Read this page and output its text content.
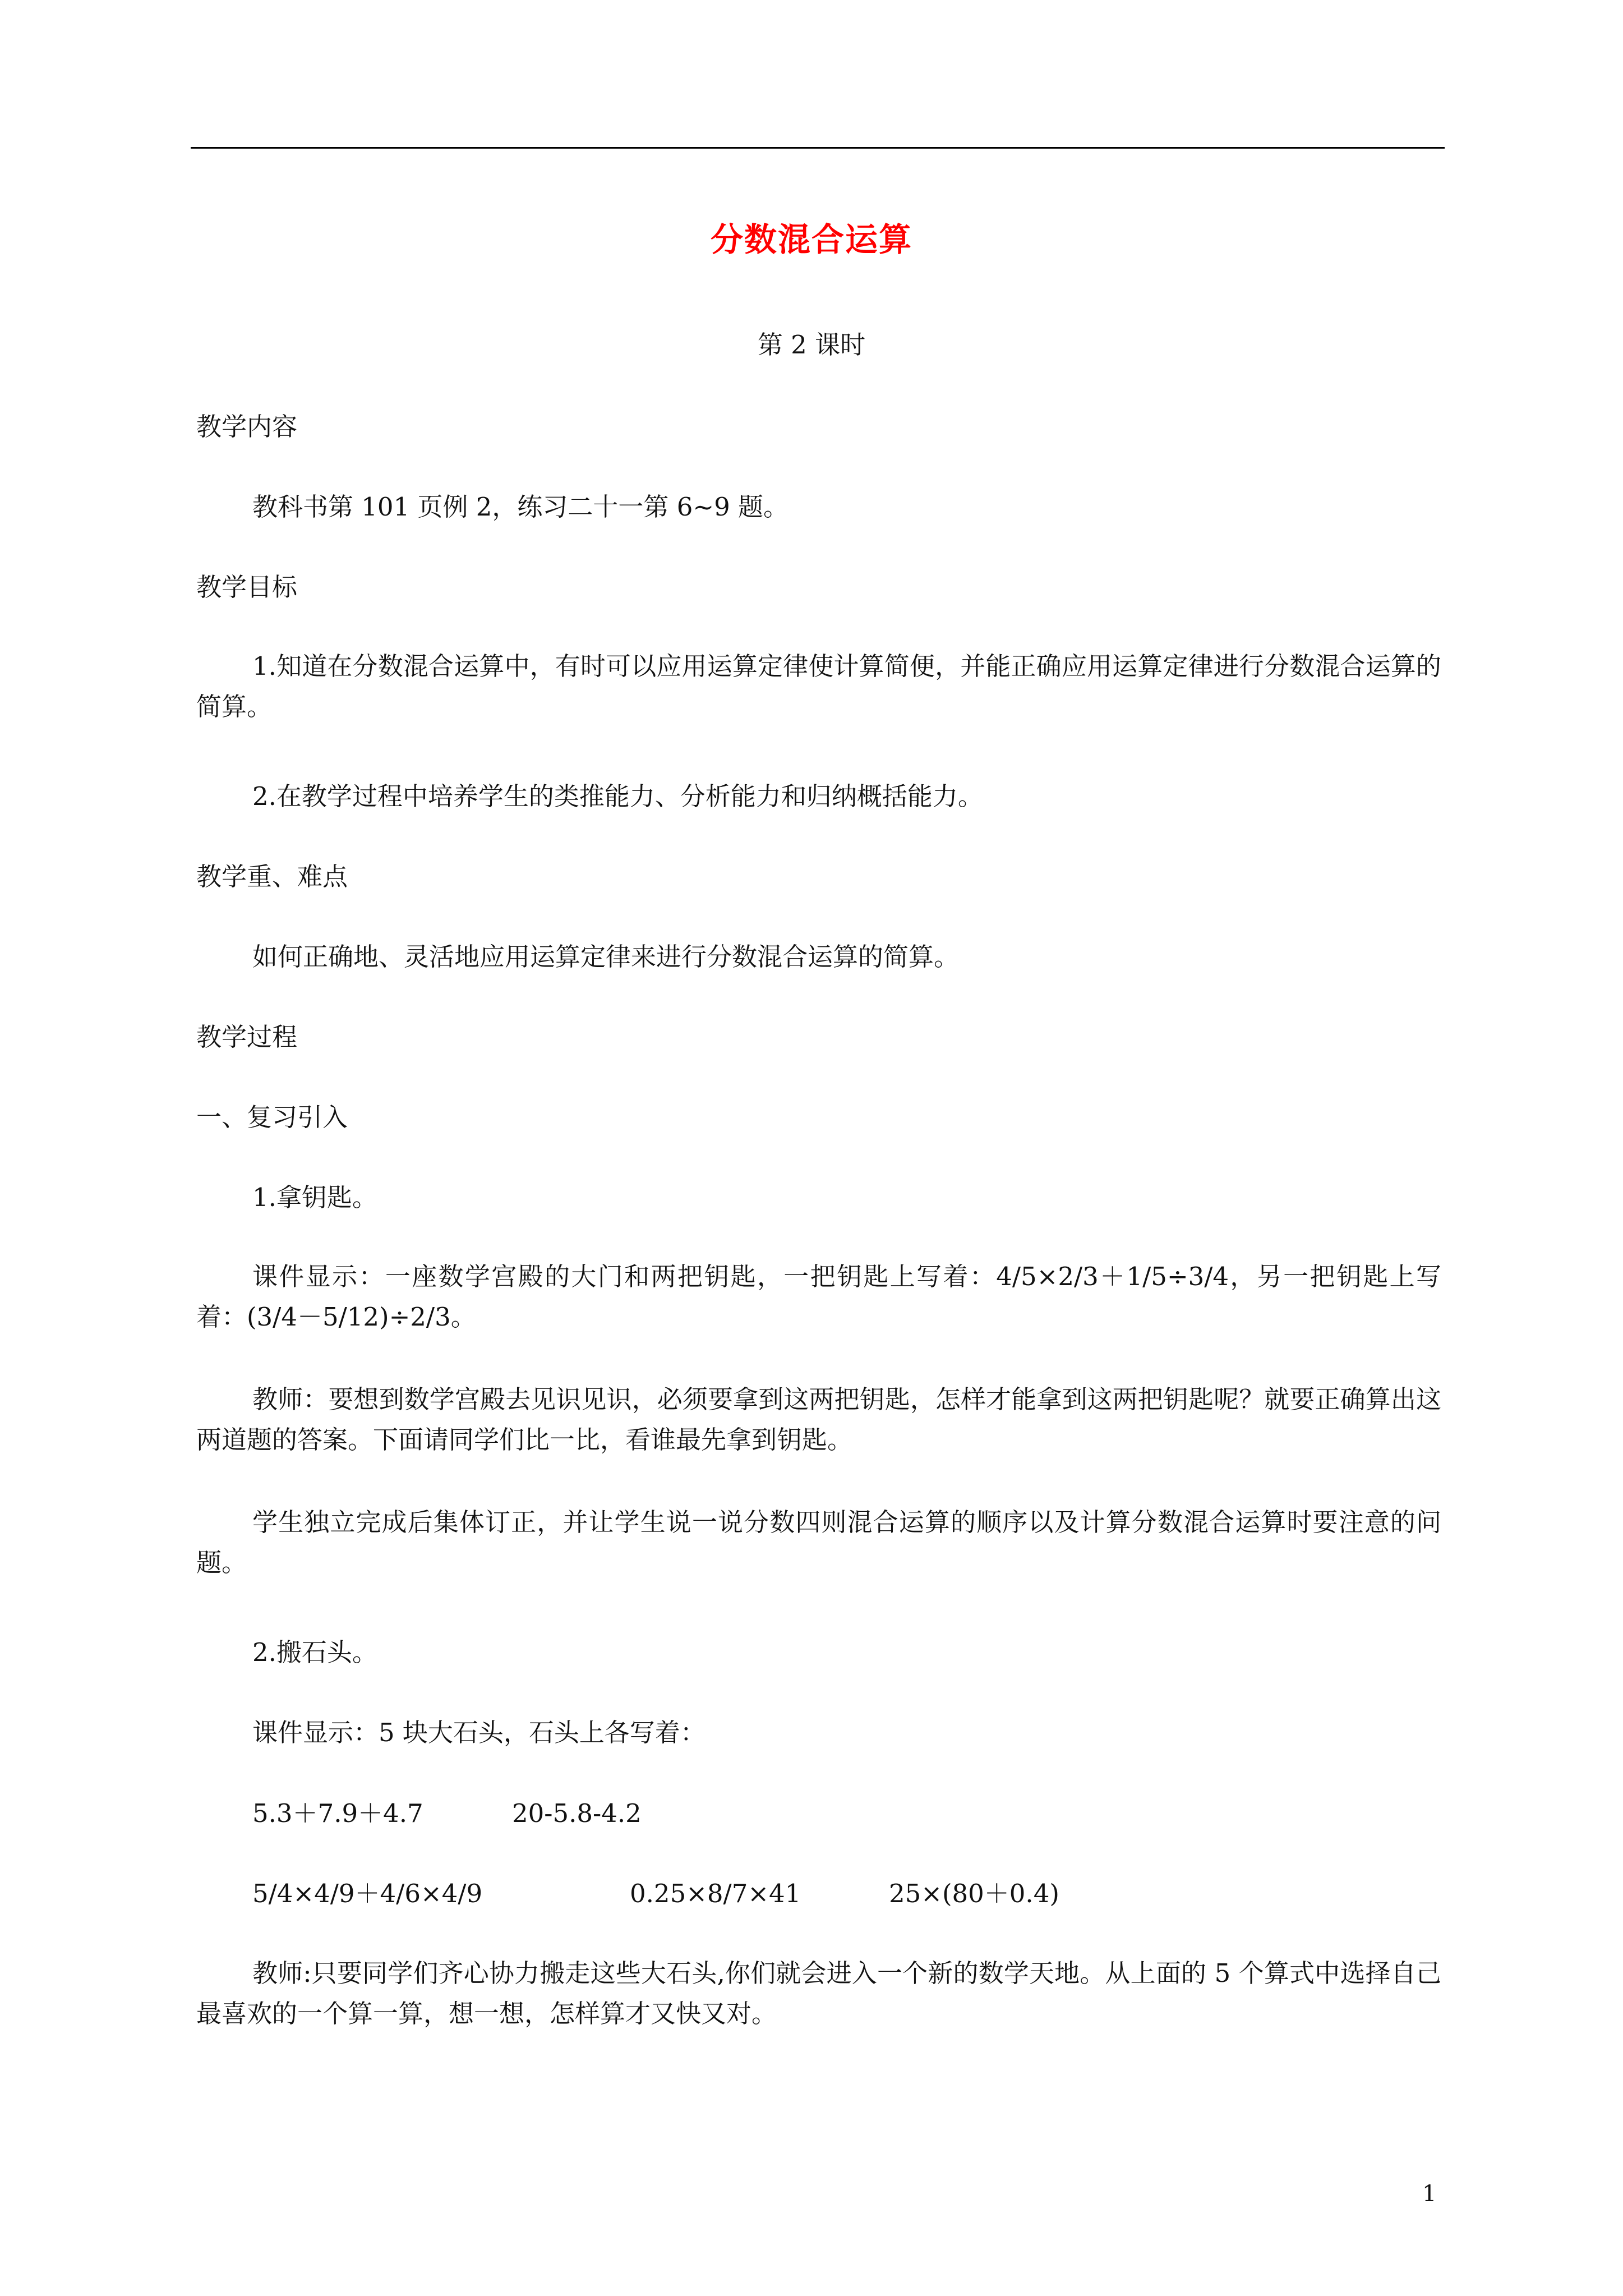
分数混合运算
第 2 课时
教学内容
教科书第 101 页例 2，练习二十一第 6~9 题。
教学目标
1.知道在分数混合运算中，有时可以应用运算定律使计算简便，并能正确应用运算定律进行分数混合运算的简算。
2.在教学过程中培养学生的类推能力、分析能力和归纳概括能力。
教学重、难点
如何正确地、灵活地应用运算定律来进行分数混合运算的简算。
教学过程
一、复习引入
1.拿钥匙。
课件显示：一座数学宫殿的大门和两把钥匙，一把钥匙上写着：4/5×2/3＋1/5÷3/4，另一把钥匙上写着：(3/4－5/12)÷2/3。
教师：要想到数学宫殿去见识见识，必须要拿到这两把钥匙，怎样才能拿到这两把钥匙呢？就要正确算出这两道题的答案。下面请同学们比一比，看谁最先拿到钥匙。
学生独立完成后集体订正，并让学生说一说分数四则混合运算的顺序以及计算分数混合运算时要注意的问题。
2.搬石头。
课件显示：5 块大石头，石头上各写着：
5.3＋7.9＋4.7	20-5.8-4.2
5/4×4/9＋4/6×4/9	0.25×8/7×41	25×(80＋0.4)
教师:只要同学们齐心协力搬走这些大石头,你们就会进入一个新的数学天地。从上面的 5 个算式中选择自己最喜欢的一个算一算，想一想，怎样算才又快又对。
1
